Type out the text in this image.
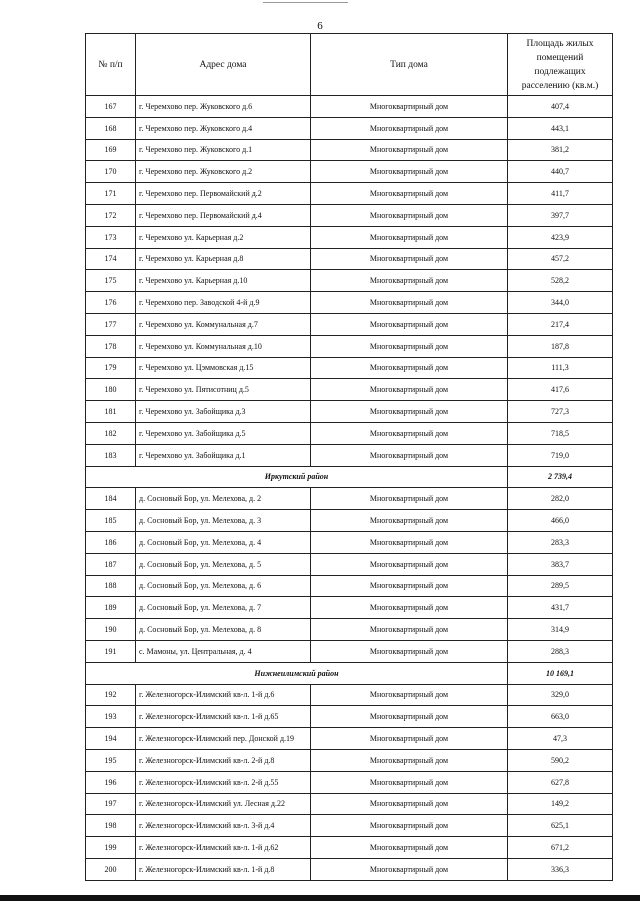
6
№ п/п	Адрес дома	Тип дома	Площадь жилых помещений подлежащих расселению (кв.м.)
167	г. Черемхово пер. Жуковского д.6	Многоквартирный дом	407,4
168	г. Черемхово пер. Жуковского д.4	Многоквартирный дом	443,1
169	г. Черемхово пер. Жуковского д.1	Многоквартирный дом	381,2
170	г. Черемхово пер. Жуковского д.2	Многоквартирный дом	440,7
171	г. Черемхово пер. Первомайский д.2	Многоквартирный дом	411,7
172	г. Черемхово пер. Первомайский д.4	Многоквартирный дом	397,7
173	г. Черемхово ул. Карьерная д.2	Многоквартирный дом	423,9
174	г. Черемхово ул. Карьерная д.8	Многоквартирный дом	457,2
175	г. Черемхово ул. Карьерная д.10	Многоквартирный дом	528,2
176	г. Черемхово пер. Заводской 4-й д.9	Многоквартирный дом	344,0
177	г. Черемхово ул. Коммунальная д.7	Многоквартирный дом	217,4
178	г. Черемхово ул. Коммунальная д.10	Многоквартирный дом	187,8
179	г. Черемхово ул. Цэммовская д.15	Многоквартирный дом	111,3
180	г. Черемхово ул. Пятисотниц д.5	Многоквартирный дом	417,6
181	г. Черемхово ул. Забойщика д.3	Многоквартирный дом	727,3
182	г. Черемхово ул. Забойщика д.5	Многоквартирный дом	718,5
183	г. Черемхово ул. Забойщика д.1	Многоквартирный дом	719,0
Иркутский район			2 739,4
184	д. Сосновый Бор, ул. Мелехова, д. 2	Многоквартирный дом	282,0
185	д. Сосновый Бор, ул. Мелехова, д. 3	Многоквартирный дом	466,0
186	д. Сосновый Бор, ул. Мелехова, д. 4	Многоквартирный дом	283,3
187	д. Сосновый Бор, ул. Мелехова, д. 5	Многоквартирный дом	383,7
188	д. Сосновый Бор, ул. Мелехова, д. 6	Многоквартирный дом	289,5
189	д. Сосновый Бор, ул. Мелехова, д. 7	Многоквартирный дом	431,7
190	д. Сосновый Бор, ул. Мелехова, д. 8	Многоквартирный дом	314,9
191	с. Мамоны, ул. Центральная, д. 4	Многоквартирный дом	288,3
Нижнеилимский район			10 169,1
192	г. Железногорск-Илимский кв-л. 1-й д.6	Многоквартирный дом	329,0
193	г. Железногорск-Илимский кв-л. 1-й д.65	Многоквартирный дом	663,0
194	г. Железногорск-Илимский пер. Донской д.19	Многоквартирный дом	47,3
195	г. Железногорск-Илимский кв-л. 2-й д.8	Многоквартирный дом	590,2
196	г. Железногорск-Илимский кв-л. 2-й д.55	Многоквартирный дом	627,8
197	г. Железногорск-Илимский ул. Лесная д.22	Многоквартирный дом	149,2
198	г. Железногорск-Илимский кв-л. 3-й д.4	Многоквартирный дом	625,1
199	г. Железногорск-Илимский кв-л. 1-й д.62	Многоквартирный дом	671,2
200	г. Железногорск-Илимский кв-л. 1-й д.8	Многоквартирный дом	336,3
